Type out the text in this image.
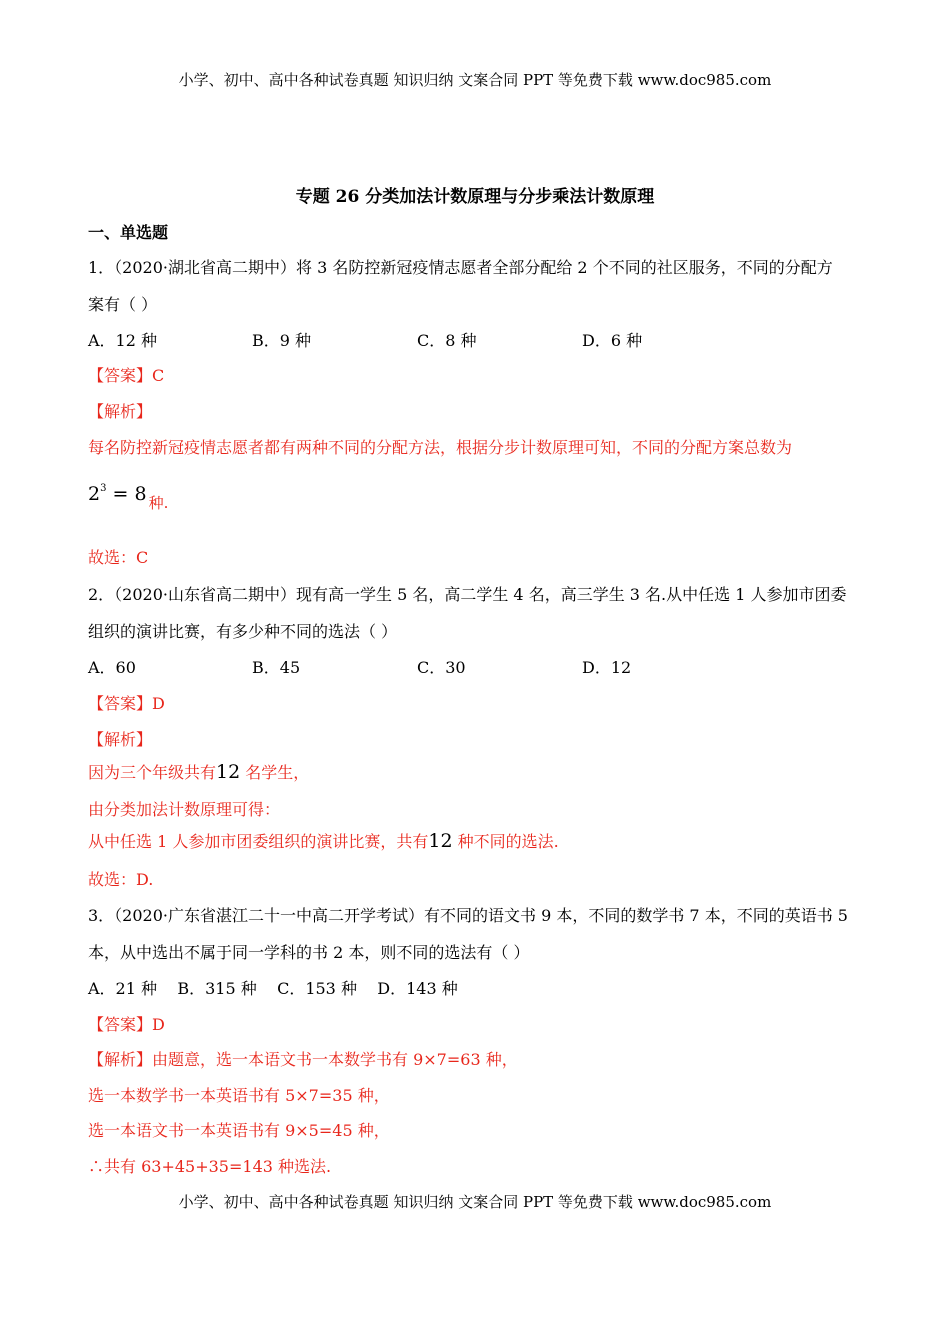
小学、初中、高中各种试卷真题 知识归纳 文案合同 PPT 等免费下载 www.doc985.com
专题 26 分类加法计数原理与分步乘法计数原理
一、单选题
1．（2020·湖北省高二期中）将 3 名防控新冠疫情志愿者全部分配给 2 个不同的社区服务，不同的分配方
案有（ ）
A．12 种	B．9 种	C．8 种	D．6 种
【答案】C
【解析】
每名防控新冠疫情志愿者都有两种不同的分配方法，根据分步计数原理可知，不同的分配方案总数为
$2^3 = 8$ 种.
故选：C
2．（2020·山东省高二期中）现有高一学生 5 名，高二学生 4 名，高三学生 3 名.从中任选 1 人参加市团委
组织的演讲比赛，有多少种不同的选法（ ）
A．60	B．45	C．30	D．12
【答案】D
【解析】
因为三个年级共有12 名学生，
由分类加法计数原理可得：
从中任选 1 人参加市团委组织的演讲比赛，共有12 种不同的选法.
故选：D.
3．（2020·广东省湛江二十一中高二开学考试）有不同的语文书 9 本，不同的数学书 7 本，不同的英语书 5
本，从中选出不属于同一学科的书 2 本，则不同的选法有（ ）
A．21 种    B．315 种    C．153 种    D．143 种
【答案】D
【解析】由题意，选一本语文书一本数学书有 9×7=63 种，
选一本数学书一本英语书有 5×7=35 种，
选一本语文书一本英语书有 9×5=45 种，
∴共有 63+45+35=143 种选法.
小学、初中、高中各种试卷真题 知识归纳 文案合同 PPT 等免费下载 www.doc985.com
